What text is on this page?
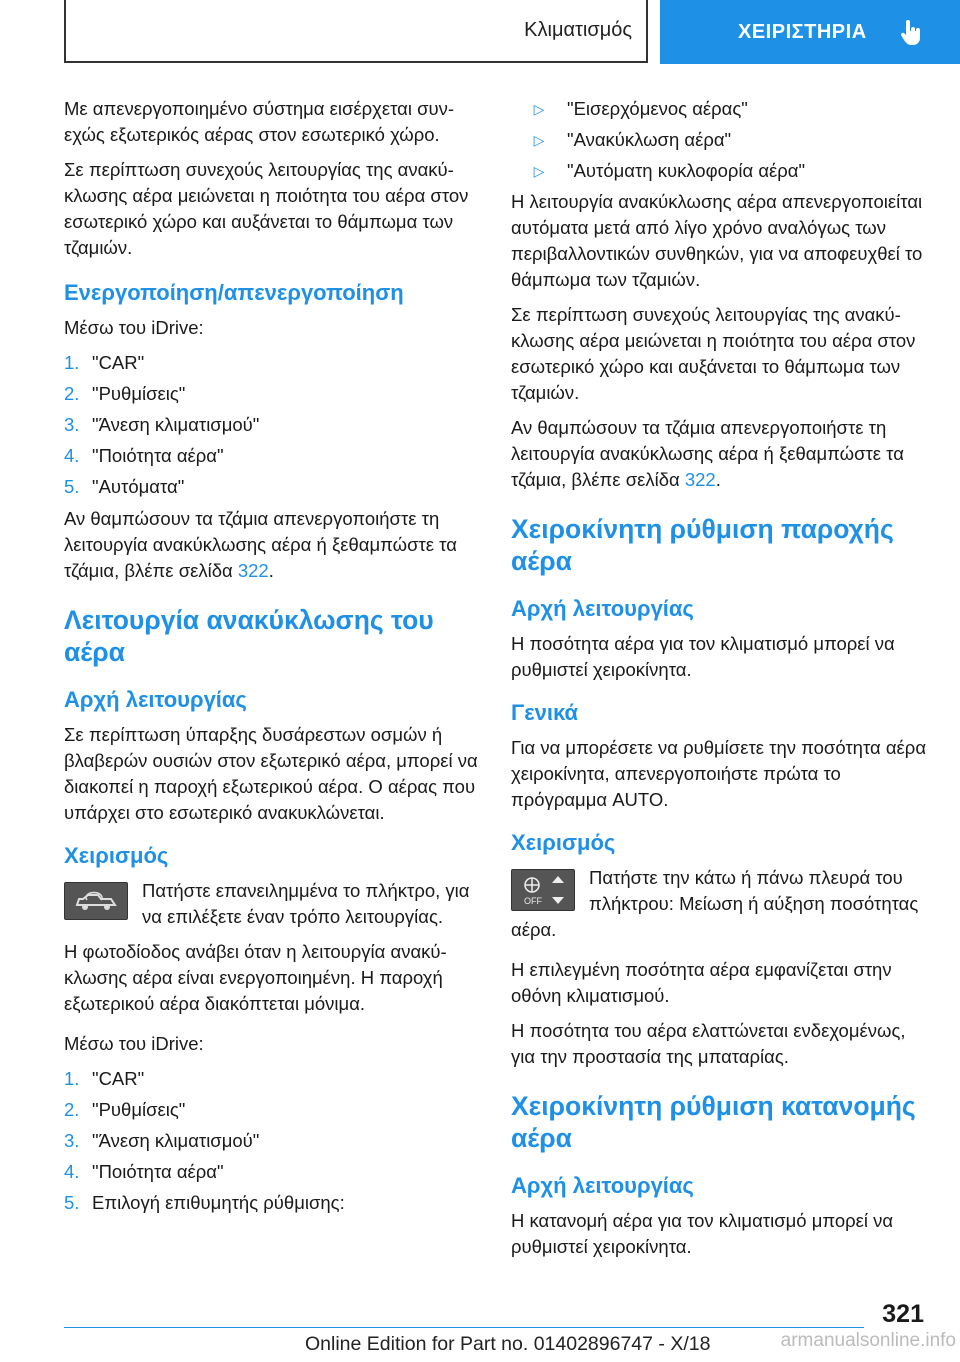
Κλιματισμός	ΧΕΙΡΙΣΤΗΡΙΑ

Με απενεργοποιημένο σύστημα εισέρχεται συνεχώς εξωτερικός αέρας στον εσωτερικό χώρο.

Σε περίπτωση συνεχούς λειτουργίας της ανακύκλωσης αέρα μειώνεται η ποιότητα του αέρα στον εσωτερικό χώρο και αυξάνεται το θάμπωμα των τζαμιών.

Ενεργοποίηση/απενεργοποίηση

Μέσω του iDrive:

1. "CAR"
2. "Ρυθμίσεις"
3. "Άνεση κλιματισμού"
4. "Ποιότητα αέρα"
5. "Αυτόματα"

Αν θαμπώσουν τα τζάμια απενεργοποιήστε τη λειτουργία ανακύκλωσης αέρα ή ξεθαμπώστε τα τζάμια, βλέπε σελίδα 322.

Λειτουργία ανακύκλωσης του αέρα
Αρχή λειτουργίας

Σε περίπτωση ύπαρξης δυσάρεστων οσμών ή βλαβερών ουσιών στον εξωτερικό αέρα, μπορεί να διακοπεί η παροχή εξωτερικού αέρα. Ο αέρας που υπάρχει στο εσωτερικό ανακυκλώνεται.

Χειρισμός

Πατήστε επανειλημμένα το πλήκτρο, για να επιλέξετε έναν τρόπο λειτουργίας.

Η φωτοδίοδος ανάβει όταν η λειτουργία ανακύκλωσης αέρα είναι ενεργοποιημένη. Η παροχή εξωτερικού αέρα διακόπτεται μόνιμα.

Μέσω του iDrive:

1. "CAR"
2. "Ρυθμίσεις"
3. "Άνεση κλιματισμού"
4. "Ποιότητα αέρα"
5. Επιλογή επιθυμητής ρύθμισης:
▷	"Εισερχόμενος αέρας"
▷	"Ανακύκλωση αέρα"
▷	"Αυτόματη κυκλοφορία αέρα"

Η λειτουργία ανακύκλωσης αέρα απενεργοποιείται αυτόματα μετά από λίγο χρόνο αναλόγως των περιβαλλοντικών συνθηκών, για να αποφευχθεί το θάμπωμα των τζαμιών.

Σε περίπτωση συνεχούς λειτουργίας της ανακύκλωσης αέρα μειώνεται η ποιότητα του αέρα στον εσωτερικό χώρο και αυξάνεται το θάμπωμα των τζαμιών.

Αν θαμπώσουν τα τζάμια απενεργοποιήστε τη λειτουργία ανακύκλωσης αέρα ή ξεθαμπώστε τα τζάμια, βλέπε σελίδα 322.

Χειροκίνητη ρύθμιση παροχής αέρα
Αρχή λειτουργίας

Η ποσότητα αέρα για τον κλιματισμό μπορεί να ρυθμιστεί χειροκίνητα.

Γενικά

Για να μπορέσετε να ρυθμίσετε την ποσότητα αέρα χειροκίνητα, απενεργοποιήστε πρώτα το πρόγραμμα AUTO.

Χειρισμός
OFF

Πατήστε την κάτω ή πάνω πλευρά του πλήκτρου: Μείωση ή αύξηση ποσότητας αέρα.

Η επιλεγμένη ποσότητα αέρα εμφανίζεται στην οθόνη κλιματισμού.

Η ποσότητα του αέρα ελαττώνεται ενδεχομένως, για την προστασία της μπαταρίας.

Χειροκίνητη ρύθμιση κατανομής αέρα
Αρχή λειτουργίας

Η κατανομή αέρα για τον κλιματισμό μπορεί να ρυθμιστεί χειροκίνητα.

321
Online Edition for Part no. 01402896747 - X/18	armanualsonline.info
